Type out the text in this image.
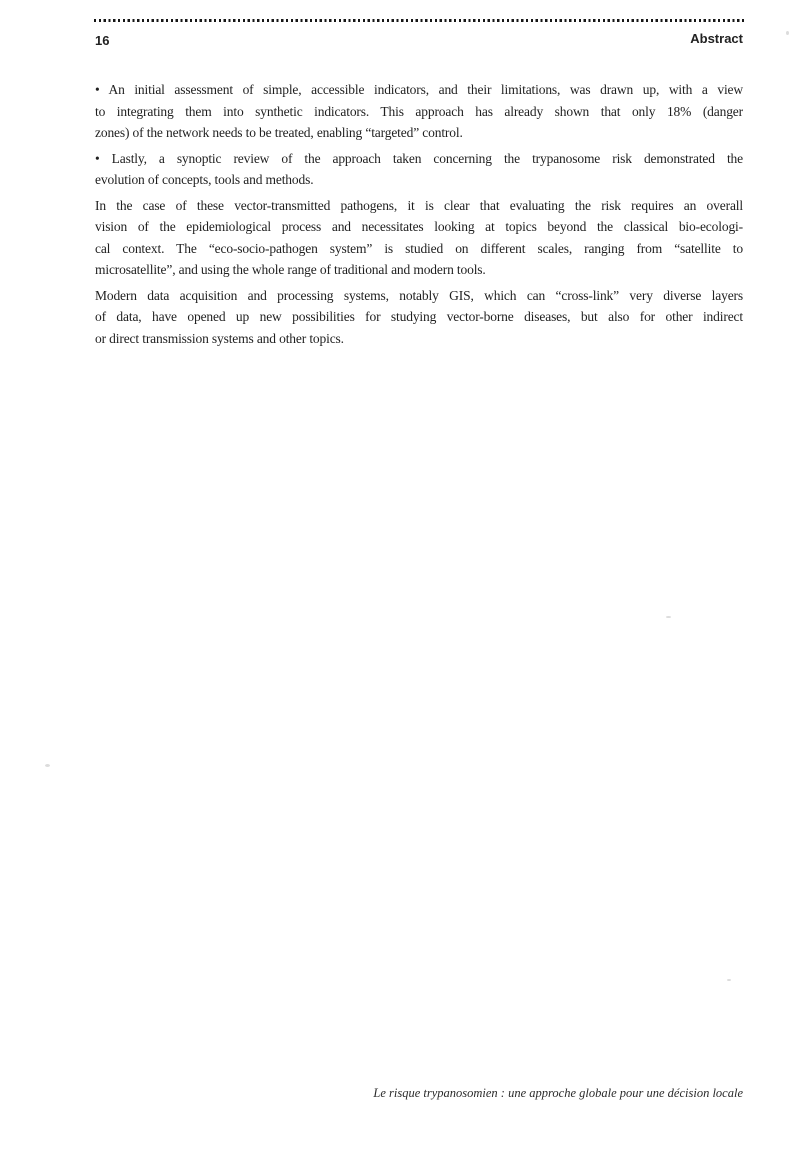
16	Abstract
• An initial assessment of simple, accessible indicators, and their limitations, was drawn up, with a view
to integrating them into synthetic indicators. This approach has already shown that only 18% (danger
zones) of the network needs to be treated, enabling “targeted” control.
• Lastly, a synoptic review of the approach taken concerning the trypanosome risk demonstrated the
evolution of concepts, tools and methods.
In the case of these vector-transmitted pathogens, it is clear that evaluating the risk requires an overall
vision of the epidemiological process and necessitates looking at topics beyond the classical bio-ecologi-
cal context. The “eco-socio-pathogen system” is studied on different scales, ranging from “satellite to
microsatellite”, and using the whole range of traditional and modern tools.
Modern data acquisition and processing systems, notably GIS, which can “cross-link” very diverse layers
of data, have opened up new possibilities for studying vector-borne diseases, but also for other indirect
or direct transmission systems and other topics.
Le risque trypanosomien : une approche globale pour une décision locale
